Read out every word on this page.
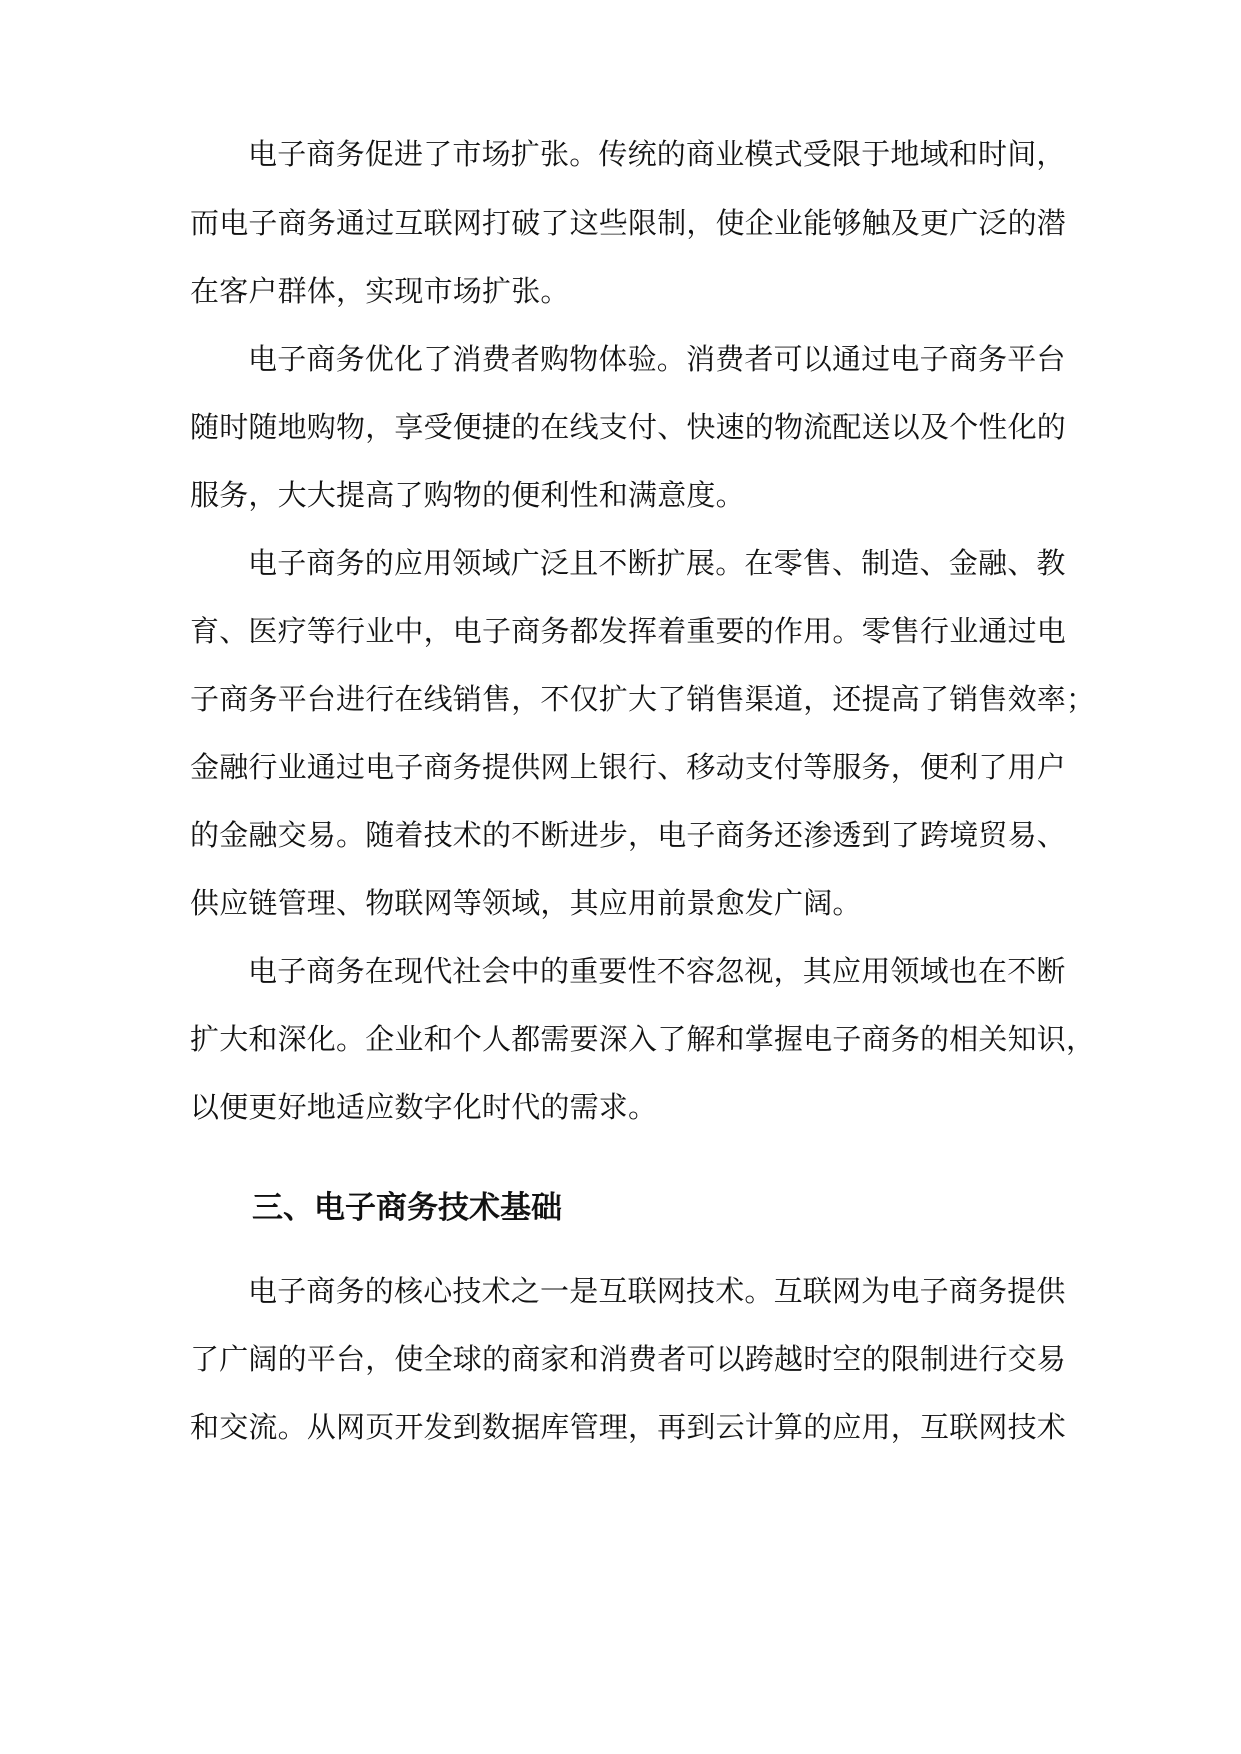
电子商务促进了市场扩张。传统的商业模式受限于地域和时间，
而电子商务通过互联网打破了这些限制，使企业能够触及更广泛的潜
在客户群体，实现市场扩张。
电子商务优化了消费者购物体验。消费者可以通过电子商务平台
随时随地购物，享受便捷的在线支付、快速的物流配送以及个性化的
服务，大大提高了购物的便利性和满意度。
电子商务的应用领域广泛且不断扩展。在零售、制造、金融、教
育、医疗等行业中，电子商务都发挥着重要的作用。零售行业通过电
子商务平台进行在线销售，不仅扩大了销售渠道，还提高了销售效率；
金融行业通过电子商务提供网上银行、移动支付等服务，便利了用户
的金融交易。随着技术的不断进步，电子商务还渗透到了跨境贸易、
供应链管理、物联网等领域，其应用前景愈发广阔。
电子商务在现代社会中的重要性不容忽视，其应用领域也在不断
扩大和深化。企业和个人都需要深入了解和掌握电子商务的相关知识，
以便更好地适应数字化时代的需求。
三、电子商务技术基础
电子商务的核心技术之一是互联网技术。互联网为电子商务提供
了广阔的平台，使全球的商家和消费者可以跨越时空的限制进行交易
和交流。从网页开发到数据库管理，再到云计算的应用，互联网技术
